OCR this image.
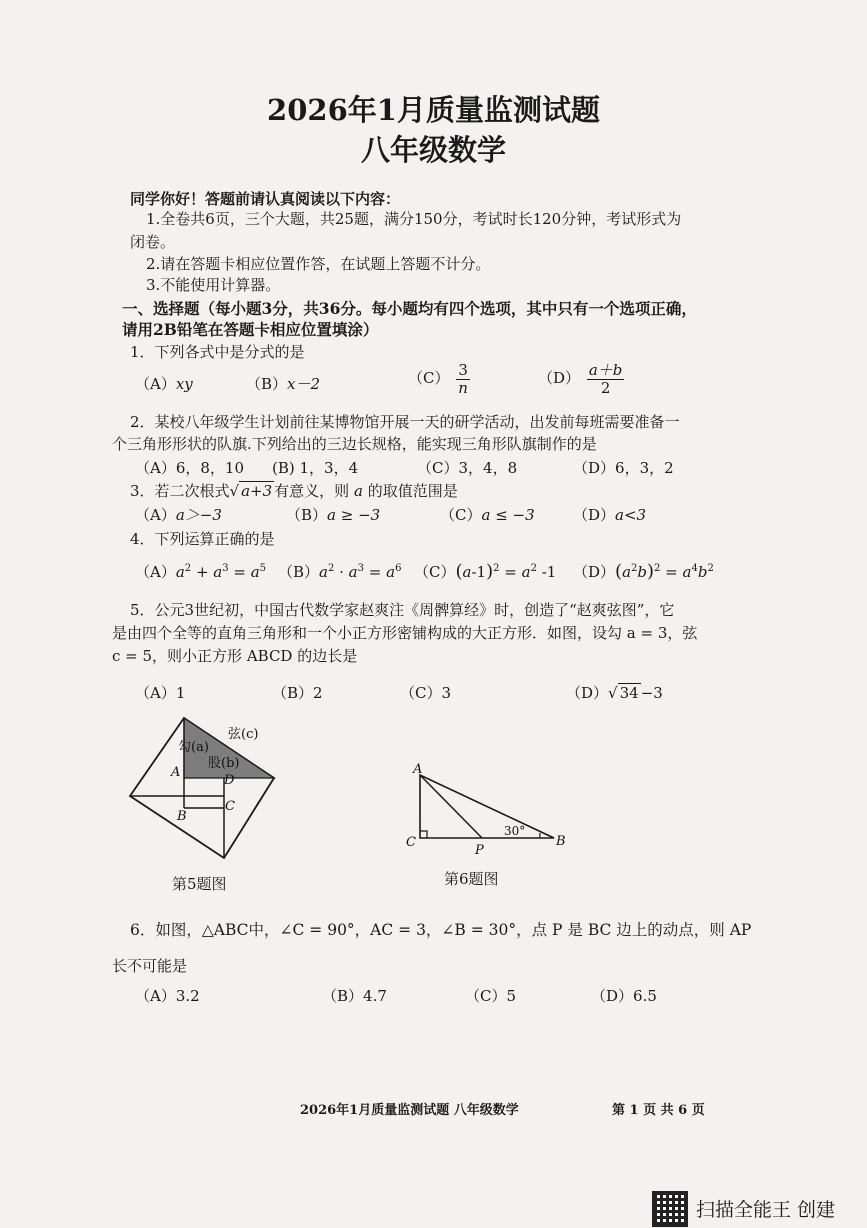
2026年1月质量监测试题
八年级数学
同学你好！答题前请认真阅读以下内容：
1.全卷共6页，三个大题，共25题，满分150分，考试时长120分钟，考试形式为
闭卷。
2.请在答题卡相应位置作答，在试题上答题不计分。
3.不能使用计算器。
一、选择题（每小题3分，共36分。每小题均有四个选项，其中只有一个选项正确，
请用2B铅笔在答题卡相应位置填涂）
1．下列各式中是分式的是
（A）xy	（B）x－2	$(C) \frac{3}{n}$	$(D) \frac{a+b}{2}$
2．某校八年级学生计划前往某博物馆开展一天的研学活动，出发前每班需要准备一
个三角形形状的队旗.下列给出的三边长规格，能实现三角形队旗制作的是
（A）6，8，10 (B) 1，3，4	（C）3，4，8	（D）6，3，2
3．若二次根式√ a+3 有意义，则 a 的取值范围是
（A）a＞−3	（B）a ≥ −3	（C）a ≤ −3	（D）a<3
4．下列运算正确的是
$(A)a^2 + a^3 = a^5$ $(B)a^2 \cdot a^3 = a^6$ $(C)(a-1)^2 = a^2$ -1 $(D)(a^2b)^2 = a^4b^2$
5．公元3世纪初，中国古代数学家赵爽注《周髀算经》时，创造了“赵爽弦图”，它
是由四个全等的直角三角形和一个小正方形密铺构成的大正方形．如图，设勾 a = 3，弦
c = 5，则小正方形 ABCD 的边长是
（A）1	（B）2	（C）3	（D）√ 34 −3
勾(a)
股(b)
弦(c)
A
D
C
B
第5题图
A
C
P
B
30°
第6题图
6．如图，△ABC中，∠C = 90°，AC = 3，∠B = 30°，点 P 是 BC 边上的动点，则 AP
长不可能是
（A）3.2	（B）4.7	（C）5	（D）6.5
2026年1月质量监测试题 八年级数学	第 1 页 共 6 页
扫描全能王 创建
